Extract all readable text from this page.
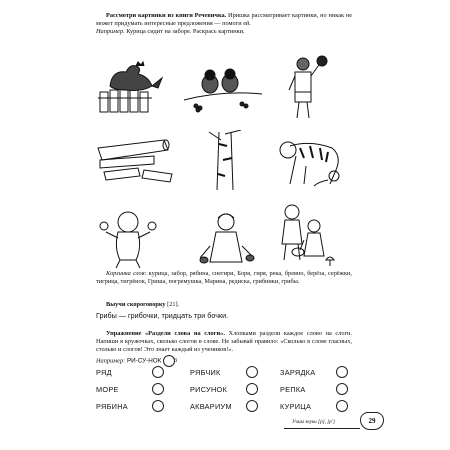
Рассмотри картинки из книги Речевичка. Иришка рассматривает картинки, но никак не может придумать интересные предложения — помоги ей.
Например. Курица сидит на заборе. Раскрась картинки.
Корзинка слов: курица, забор, рябина, снегири, Боря, гиря, река, бревно, берёза, серёжки, тигрица, тигрёнок, Гриша, погремушка, Марина, редиска, грибники, грибы.
Выучи скороговорку [21].
Грибы — грибочки, тридцать три бочки.
Упражнение «Раздели слова на слоги». Хлопками раздели каждое слово на слоги. Напиши в кружочках, сколько слогов в слове. Не забывай правило: «Сколько в слове гласных, столько и слогов! Это знает каждый из учеников!».
Например: РИ-СУ-НОК 3
РЯД	РЯБЧИК	ЗАРЯДКА
МОРЕ	РИСУНОК	РЕПКА
РЯБИНА	АКВАРИУМ	КУРИЦА
Учим звуки [р], [р']	29
